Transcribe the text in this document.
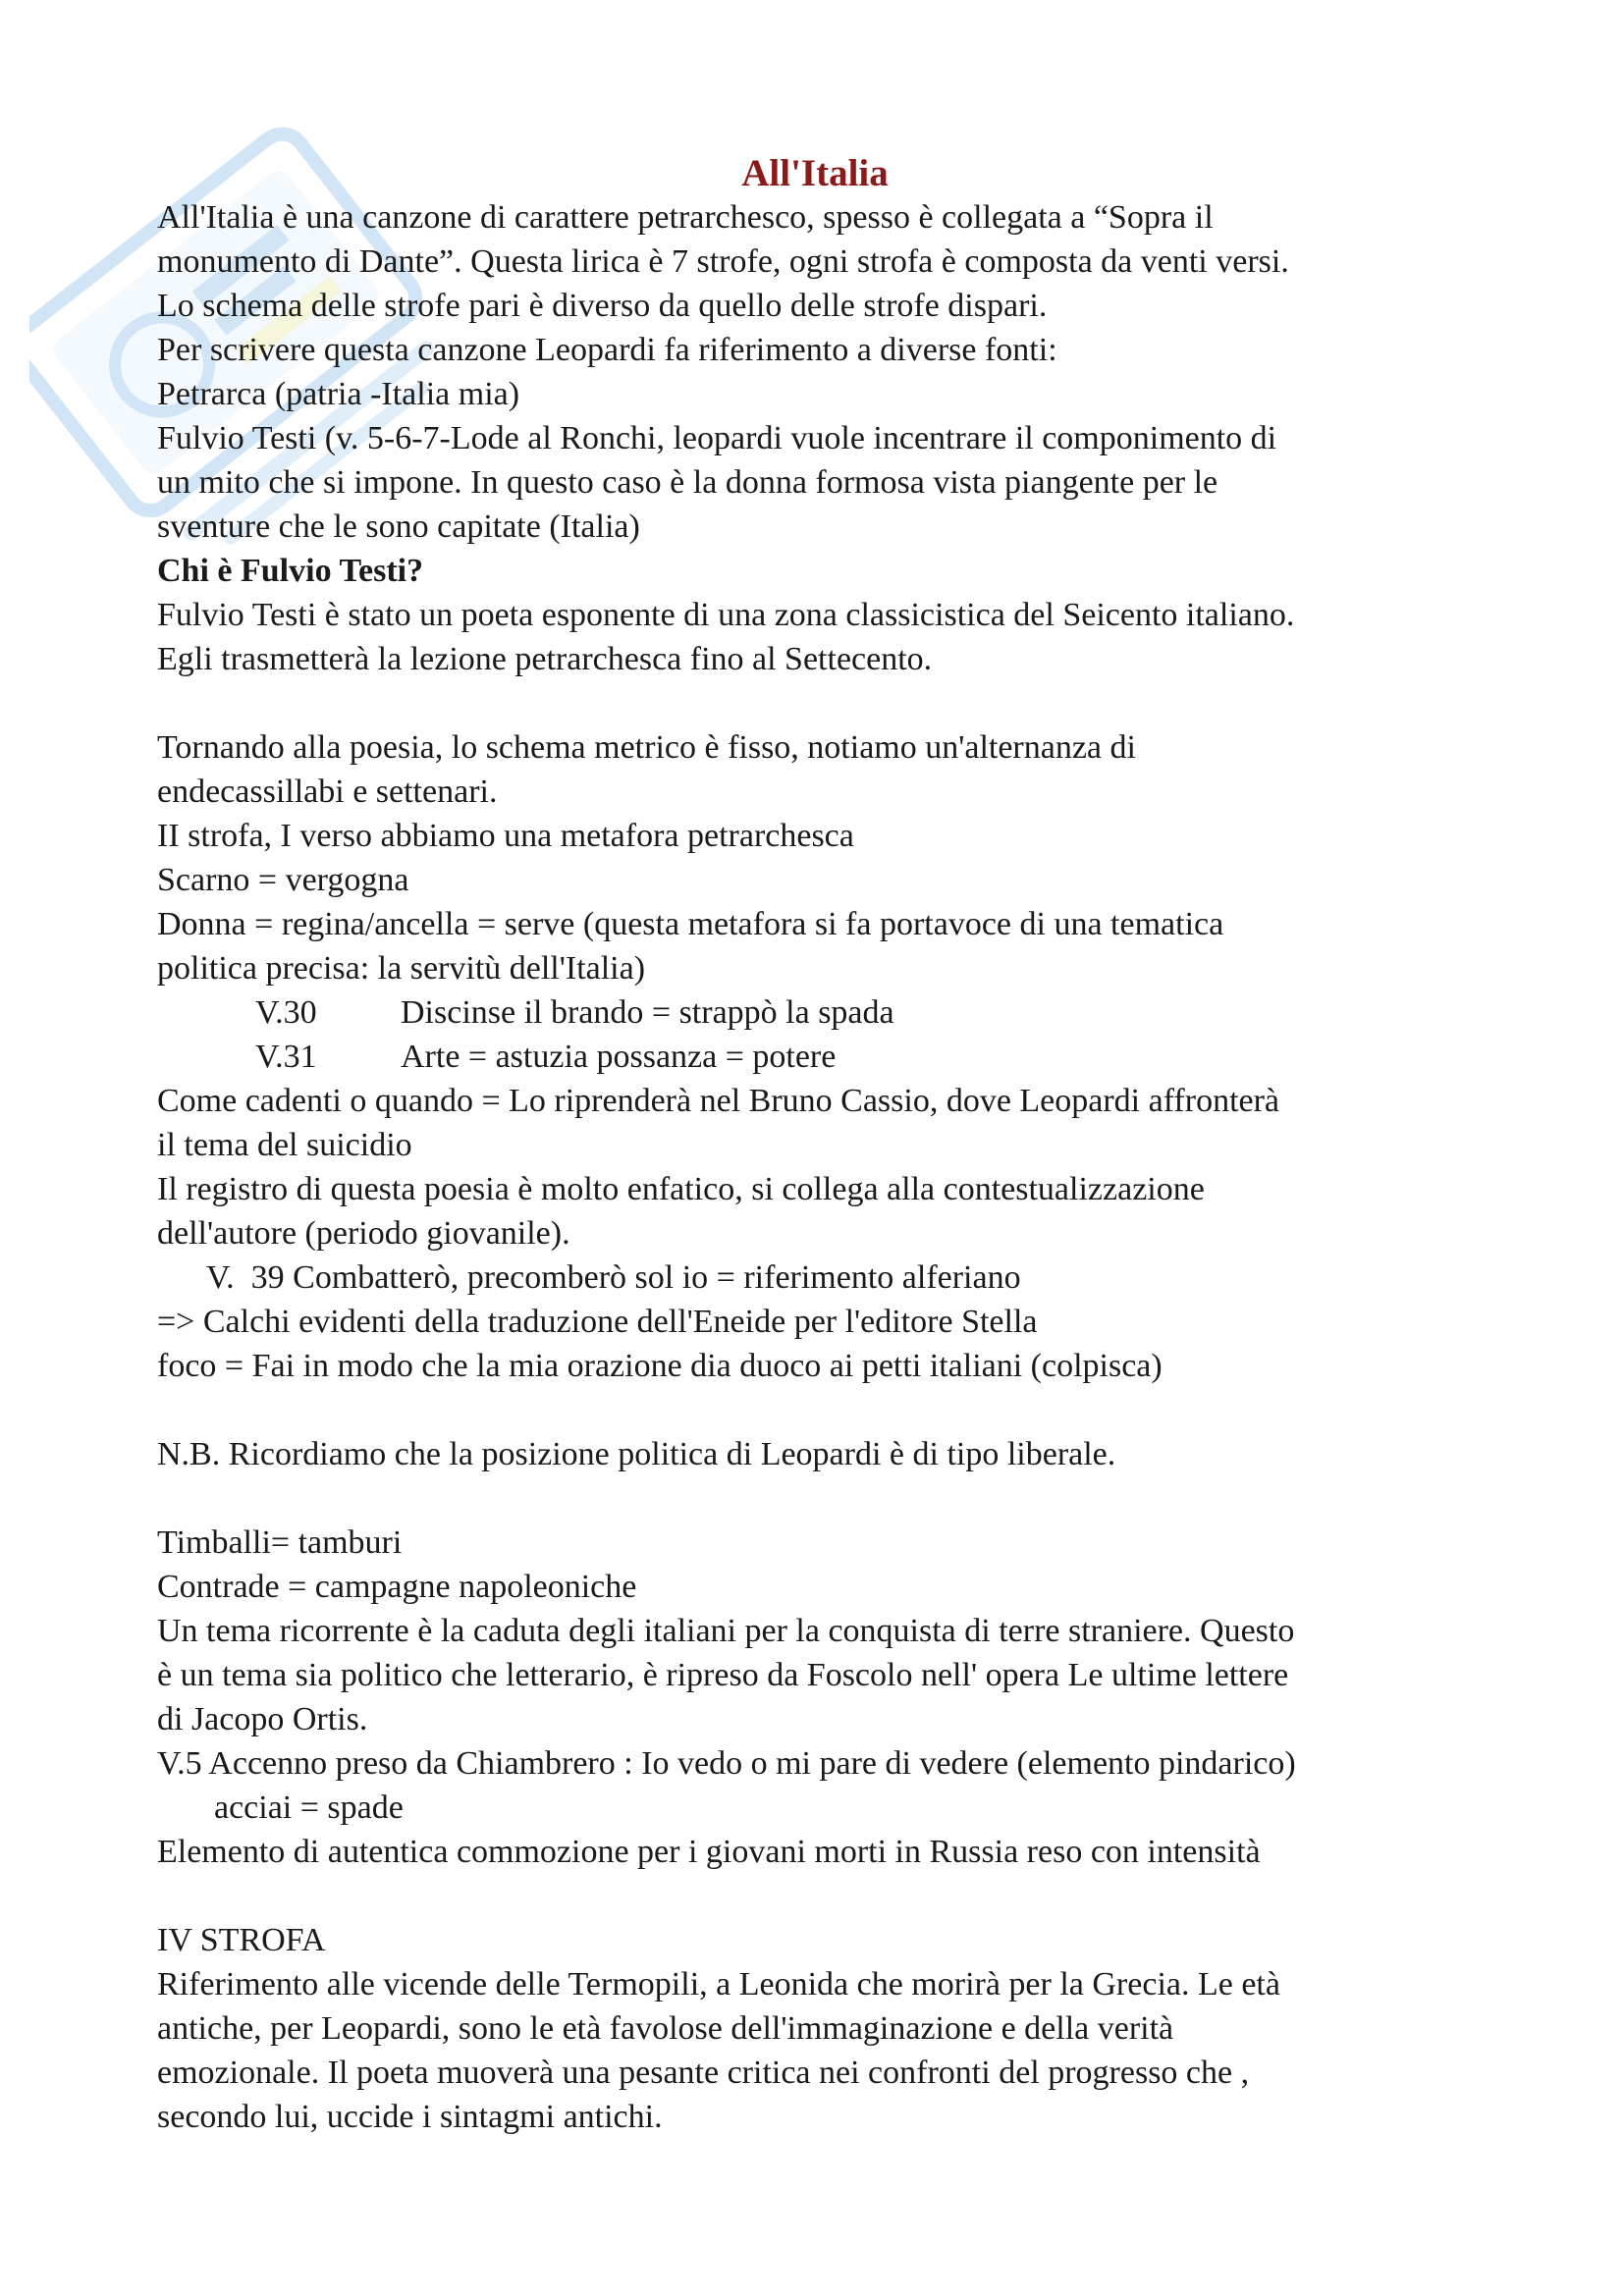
All'Italia

All'Italia è una canzone di carattere petrarchesco, spesso è collegata a “Sopra il

monumento di Dante”. Questa lirica è 7 strofe, ogni strofa è composta da venti versi.

Lo schema delle strofe pari è diverso da quello delle strofe dispari.

Per scrivere questa canzone Leopardi fa riferimento a diverse fonti:

Petrarca (patria -Italia mia)

Fulvio Testi (v. 5-6-7-Lode al Ronchi, leopardi vuole incentrare il componimento di

un mito che si impone. In questo caso è la donna formosa vista piangente per le

sventure che le sono capitate (Italia)

Chi è Fulvio Testi?

Fulvio Testi è stato un poeta esponente di una zona classicistica del Seicento italiano.

Egli trasmetterà la lezione petrarchesca fino al Settecento.

Tornando alla poesia, lo schema metrico è fisso, notiamo un'alternanza di

endecassillabi e settenari.

II strofa, I verso abbiamo una metafora petrarchesca

Scarno = vergogna

Donna = regina/ancella = serve (questa metafora si fa portavoce di una tematica

politica precisa: la servitù dell'Italia)

V.30	Discinse il brando = strappò la spada

V.31	Arte = astuzia possanza = potere

Come cadenti o quando = Lo riprenderà nel Bruno Cassio, dove Leopardi affronterà

il tema del suicidio

Il registro di questa poesia è molto enfatico, si collega alla contestualizzazione

dell'autore (periodo giovanile).

V.  39 Combatterò, precomberò sol io = riferimento alferiano

=> Calchi evidenti della traduzione dell'Eneide per l'editore Stella

foco = Fai in modo che la mia orazione dia duoco ai petti italiani (colpisca)

N.B. Ricordiamo che la posizione politica di Leopardi è di tipo liberale.

Timballi= tamburi

Contrade = campagne napoleoniche

Un tema ricorrente è la caduta degli italiani per la conquista di terre straniere. Questo

è un tema sia politico che letterario, è ripreso da Foscolo nell' opera Le ultime lettere

di Jacopo Ortis.

V.5 Accenno preso da Chiambrero : Io vedo o mi pare di vedere (elemento pindarico)

acciai = spade

Elemento di autentica commozione per i giovani morti in Russia reso con intensità

IV STROFA

Riferimento alle vicende delle Termopili, a Leonida che morirà per la Grecia. Le età

antiche, per Leopardi, sono le età favolose dell'immaginazione e della verità

emozionale. Il poeta muoverà una pesante critica nei confronti del progresso che ,

secondo lui, uccide i sintagmi antichi.
